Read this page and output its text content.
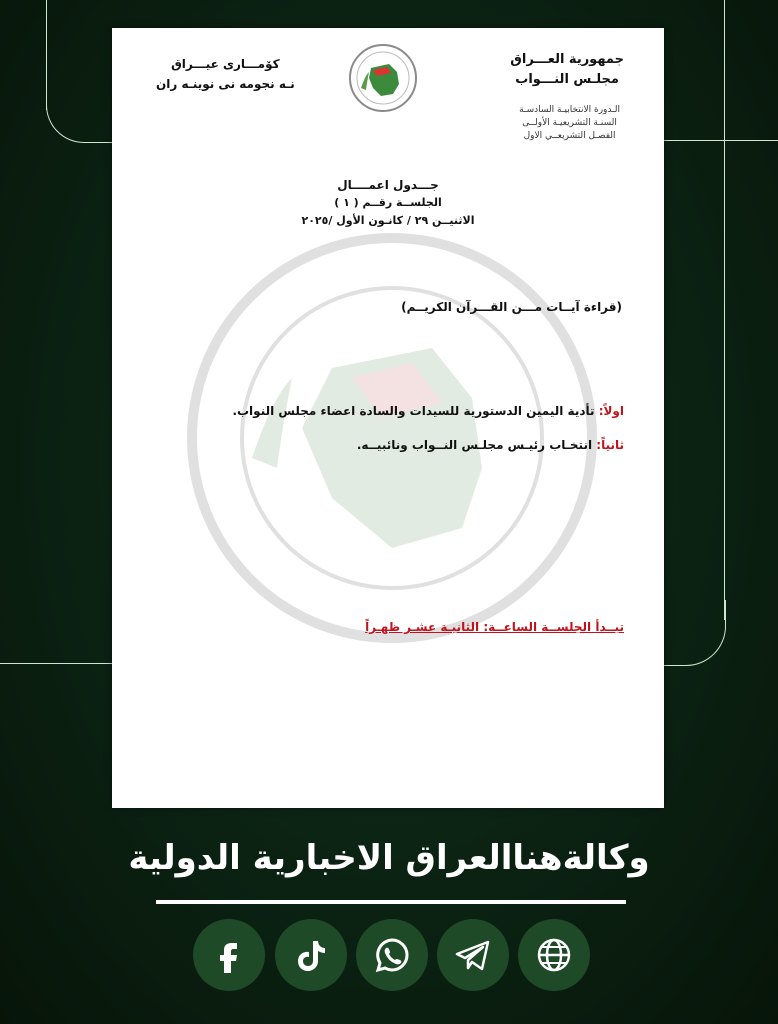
جمهورية العـــراق
مجلـس النـــواب
الـدورة الانتخابيـة السادسـة
السنـة التشريعيـة الأولــى
الفصـل التشريعــي الاول
كۆمـــارى عيـــراق
نـه نجومه نى نوينـه ران
جـــدول اعمــــال
الجلســة رقــم ( ١ )
الاثنيــن ٢٩ / كانـون الأول /٢٠٢٥
(قراءة آيــات مـــن القـــرآن الكريــم)
اولاً: تأدية اليمين الدستورية للسيدات والسادة اعضاء مجلس النواب.
ثانياً: انتخـاب رئيـس مجلـس النــواب ونائبيــه.
تبــدأ الجلســة الساعــة: الثانيـة عشـر ظهـراً
وكالةهناالعراق الاخبارية الدولية
